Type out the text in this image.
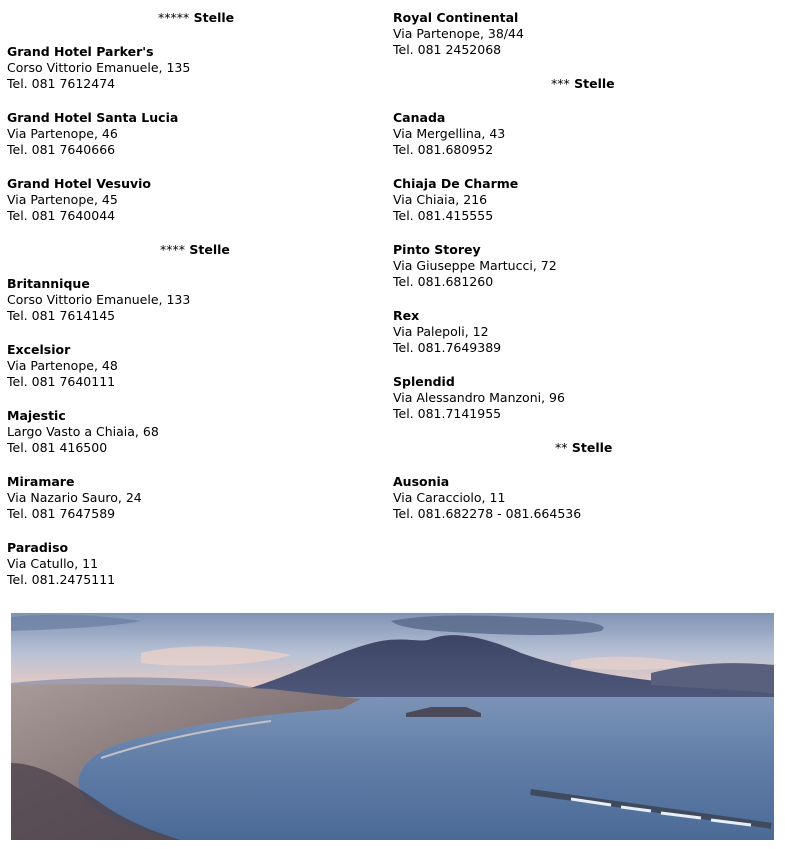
***** Stelle
Grand Hotel Parker's
Corso Vittorio Emanuele, 135
Tel. 081 7612474
Grand Hotel Santa Lucia
Via Partenope, 46
Tel. 081 7640666
Grand Hotel Vesuvio
Via Partenope, 45
Tel. 081 7640044
**** Stelle
Britannique
Corso Vittorio Emanuele, 133
Tel. 081 7614145
Excelsior
Via Partenope, 48
Tel. 081 7640111
Majestic
Largo Vasto a Chiaia, 68
Tel. 081 416500
Miramare
Via Nazario Sauro, 24
Tel. 081 7647589
Paradiso
Via Catullo, 11
Tel. 081.2475111
Royal Continental
Via Partenope, 38/44
Tel. 081 2452068
*** Stelle
Canada
Via Mergellina, 43
Tel. 081.680952
Chiaja De Charme
Via Chiaia, 216
Tel. 081.415555
Pinto Storey
Via Giuseppe Martucci, 72
Tel. 081.681260
Rex
Via Palepoli, 12
Tel. 081.7649389
Splendid
Via Alessandro Manzoni, 96
Tel. 081.7141955
** Stelle
Ausonia
Via Caracciolo, 11
Tel. 081.682278 - 081.664536
